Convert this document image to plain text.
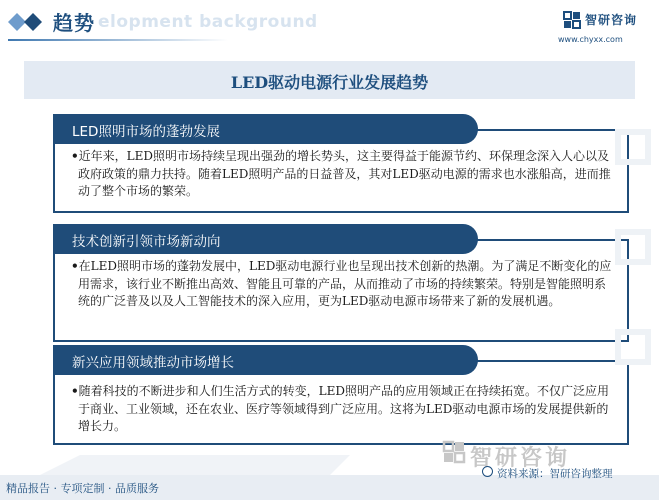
elopment background
趋势	智研咨询
www.chyxx.com
LED驱动电源行业发展趋势
•近年来，LED照明市场持续呈现出强劲的增长势头，这主要得益于能源节约、环保理念深入人心以及政府政策的鼎力扶持。随着LED照明产品的日益普及，其对LED驱动电源的需求也水涨船高，进而推动了整个市场的繁荣。
LED照明市场的蓬勃发展
•在LED照明市场的蓬勃发展中，LED驱动电源行业也呈现出技术创新的热潮。为了满足不断变化的应用需求，该行业不断推出高效、智能且可靠的产品，从而推动了市场的持续繁荣。特别是智能照明系统的广泛普及以及人工智能技术的深入应用，更为LED驱动电源市场带来了新的发展机遇。
技术创新引领市场新动向
•随着科技的不断进步和人们生活方式的转变，LED照明产品的应用领域正在持续拓宽。不仅广泛应用于商业、工业领域，还在农业、医疗等领域得到广泛应用。这将为LED驱动电源市场的发展提供新的增长力。
新兴应用领域推动市场增长
智研咨询
精品报告 · 专项定制 · 品质服务
资料来源：智研咨询整理
